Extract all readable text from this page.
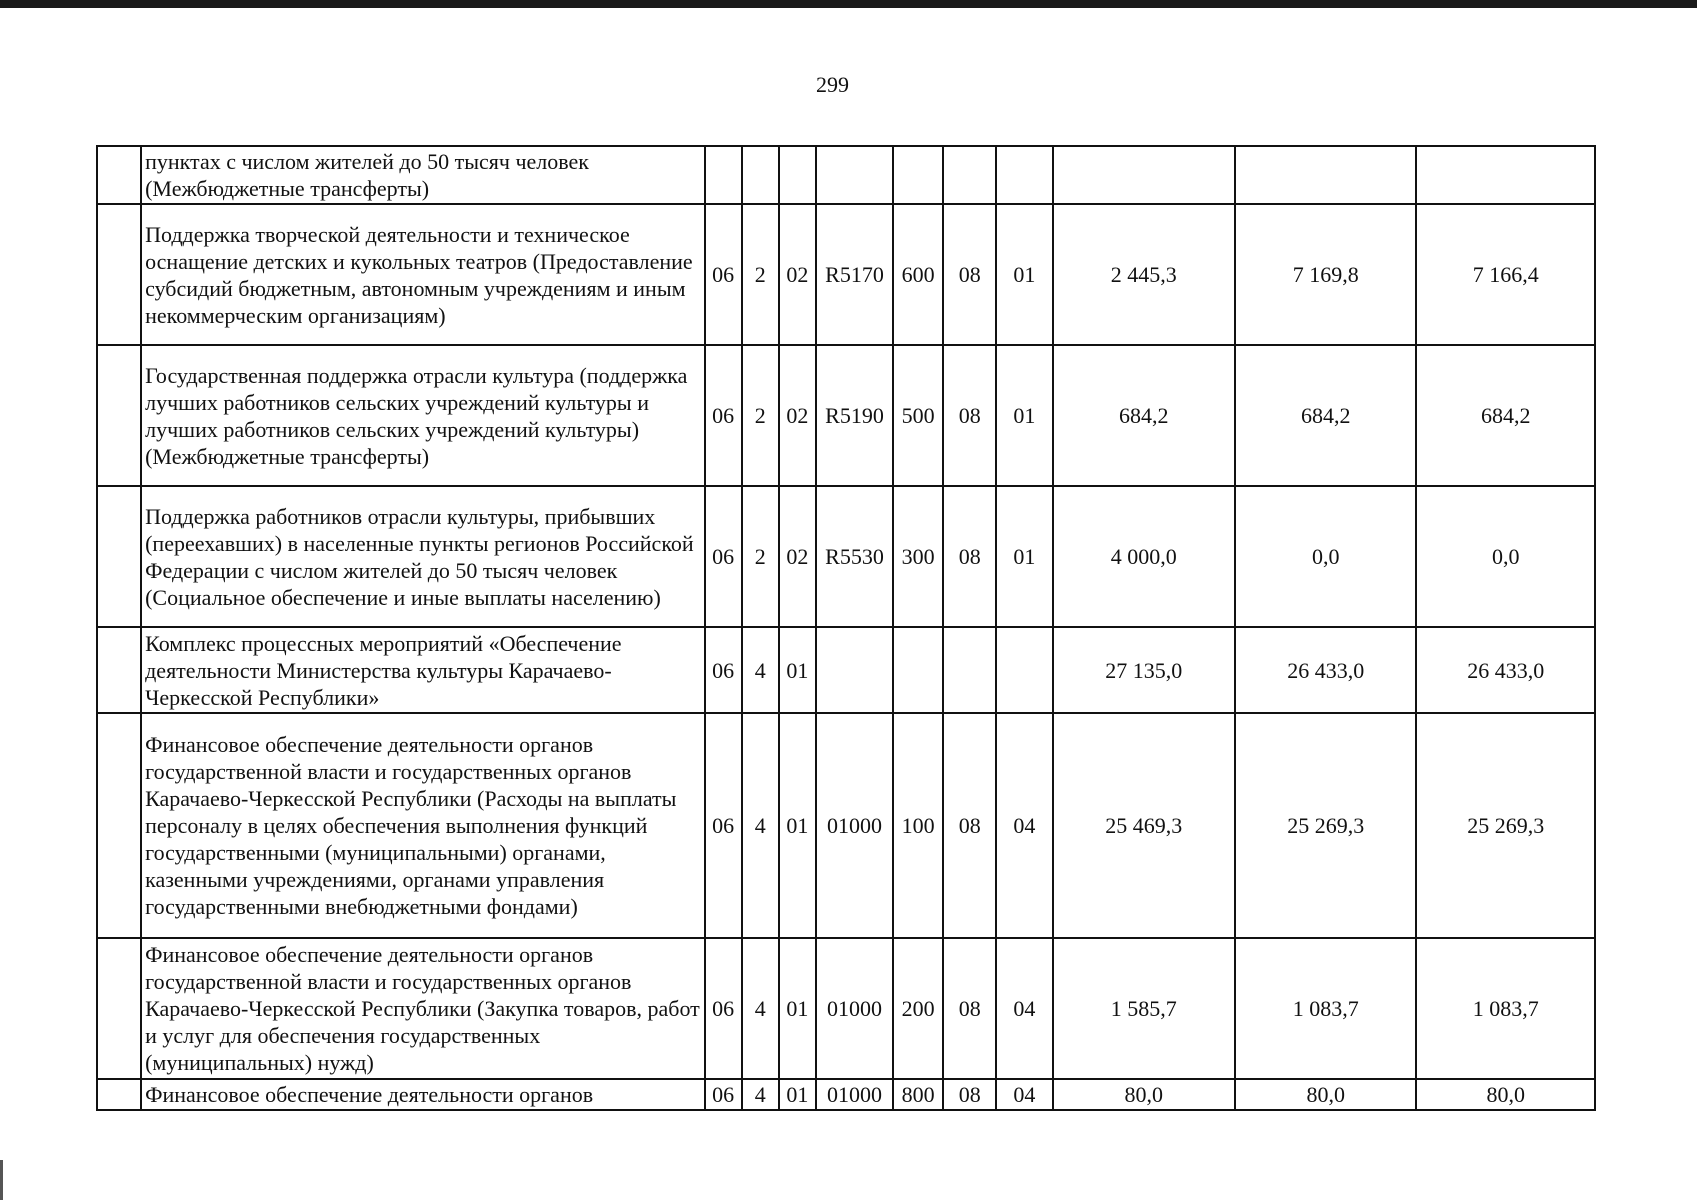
299
	пунктах с числом жителей до 50 тысяч человек (Межбюджетные трансферты)										
	Поддержка творческой деятельности и техническое оснащение детских и кукольных театров (Предоставление субсидий бюджетным, автономным учреждениям и иным некоммерческим организациям)	06	2	02	R5170	600	08	01	2 445,3	7 169,8	7 166,4
	Государственная поддержка отрасли культура (поддержка лучших работников сельских учреждений культуры и лучших работников сельских учреждений культуры) (Межбюджетные трансферты)	06	2	02	R5190	500	08	01	684,2	684,2	684,2
	Поддержка работников отрасли культуры, прибывших (переехавших) в населенные пункты регионов Российской Федерации с числом жителей до 50 тысяч человек (Социальное обеспечение и иные выплаты населению)	06	2	02	R5530	300	08	01	4 000,0	0,0	0,0
	Комплекс процессных мероприятий «Обеспечение деятельности Министерства культуры Карачаево-Черкесской Республики»	06	4	01					27 135,0	26 433,0	26 433,0
	Финансовое обеспечение деятельности органов государственной власти и государственных органов Карачаево-Черкесской Республики (Расходы на выплаты персоналу в целях обеспечения выполнения функций государственными (муниципальными) органами, казенными учреждениями, органами управления государственными внебюджетными фондами)	06	4	01	01000	100	08	04	25 469,3	25 269,3	25 269,3
	Финансовое обеспечение деятельности органов государственной власти и государственных органов Карачаево-Черкесской Республики (Закупка товаров, работ и услуг для обеспечения государственных (муниципальных) нужд)	06	4	01	01000	200	08	04	1 585,7	1 083,7	1 083,7
	Финансовое обеспечение деятельности органов	06	4	01	01000	800	08	04	80,0	80,0	80,0
